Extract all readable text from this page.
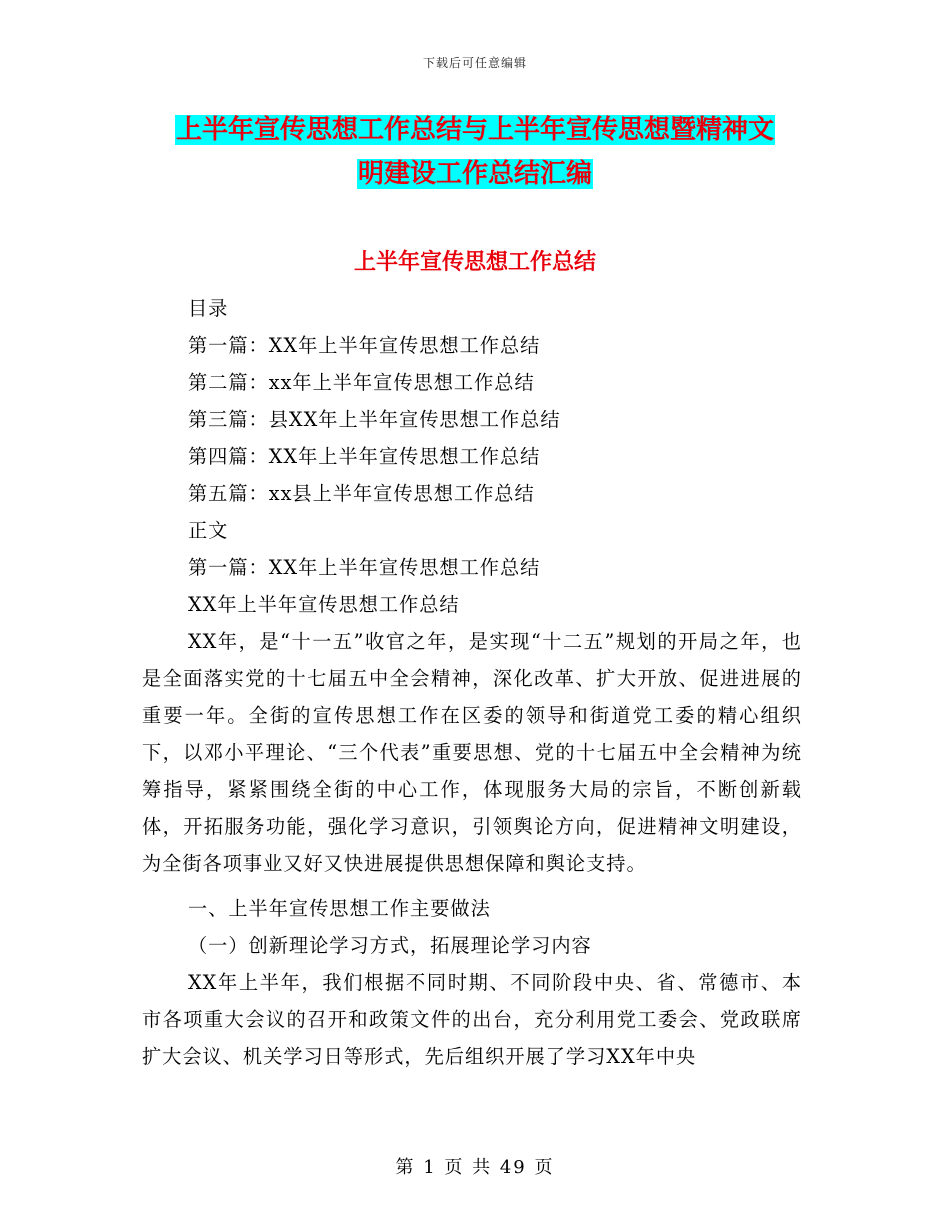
下载后可任意编辑
上半年宣传思想工作总结与上半年宣传思想暨精神文
明建设工作总结汇编
上半年宣传思想工作总结

目录

第一篇：XX年上半年宣传思想工作总结

第二篇：xx年上半年宣传思想工作总结

第三篇：县XX年上半年宣传思想工作总结

第四篇：XX年上半年宣传思想工作总结

第五篇：xx县上半年宣传思想工作总结

正文

第一篇：XX年上半年宣传思想工作总结

XX年上半年宣传思想工作总结

XX年，是“十一五”收官之年，是实现“十二五”规划的开局之年，也是全面落实党的十七届五中全会精神，深化改革、扩大开放、促进进展的重要一年。全街的宣传思想工作在区委的领导和街道党工委的精心组织下，以邓小平理论、“三个代表”重要思想、党的十七届五中全会精神为统筹指导，紧紧围绕全街的中心工作，体现服务大局的宗旨，不断创新载体，开拓服务功能，强化学习意识，引领舆论方向，促进精神文明建设，为全街各项事业又好又快进展提供思想保障和舆论支持。

一、上半年宣传思想工作主要做法

（一）创新理论学习方式，拓展理论学习内容

XX年上半年，我们根据不同时期、不同阶段中央、省、常德市、本市各项重大会议的召开和政策文件的出台，充分利用党工委会、党政联席扩大会议、机关学习日等形式，先后组织开展了学习XX年中央

第 1 页 共 49 页
